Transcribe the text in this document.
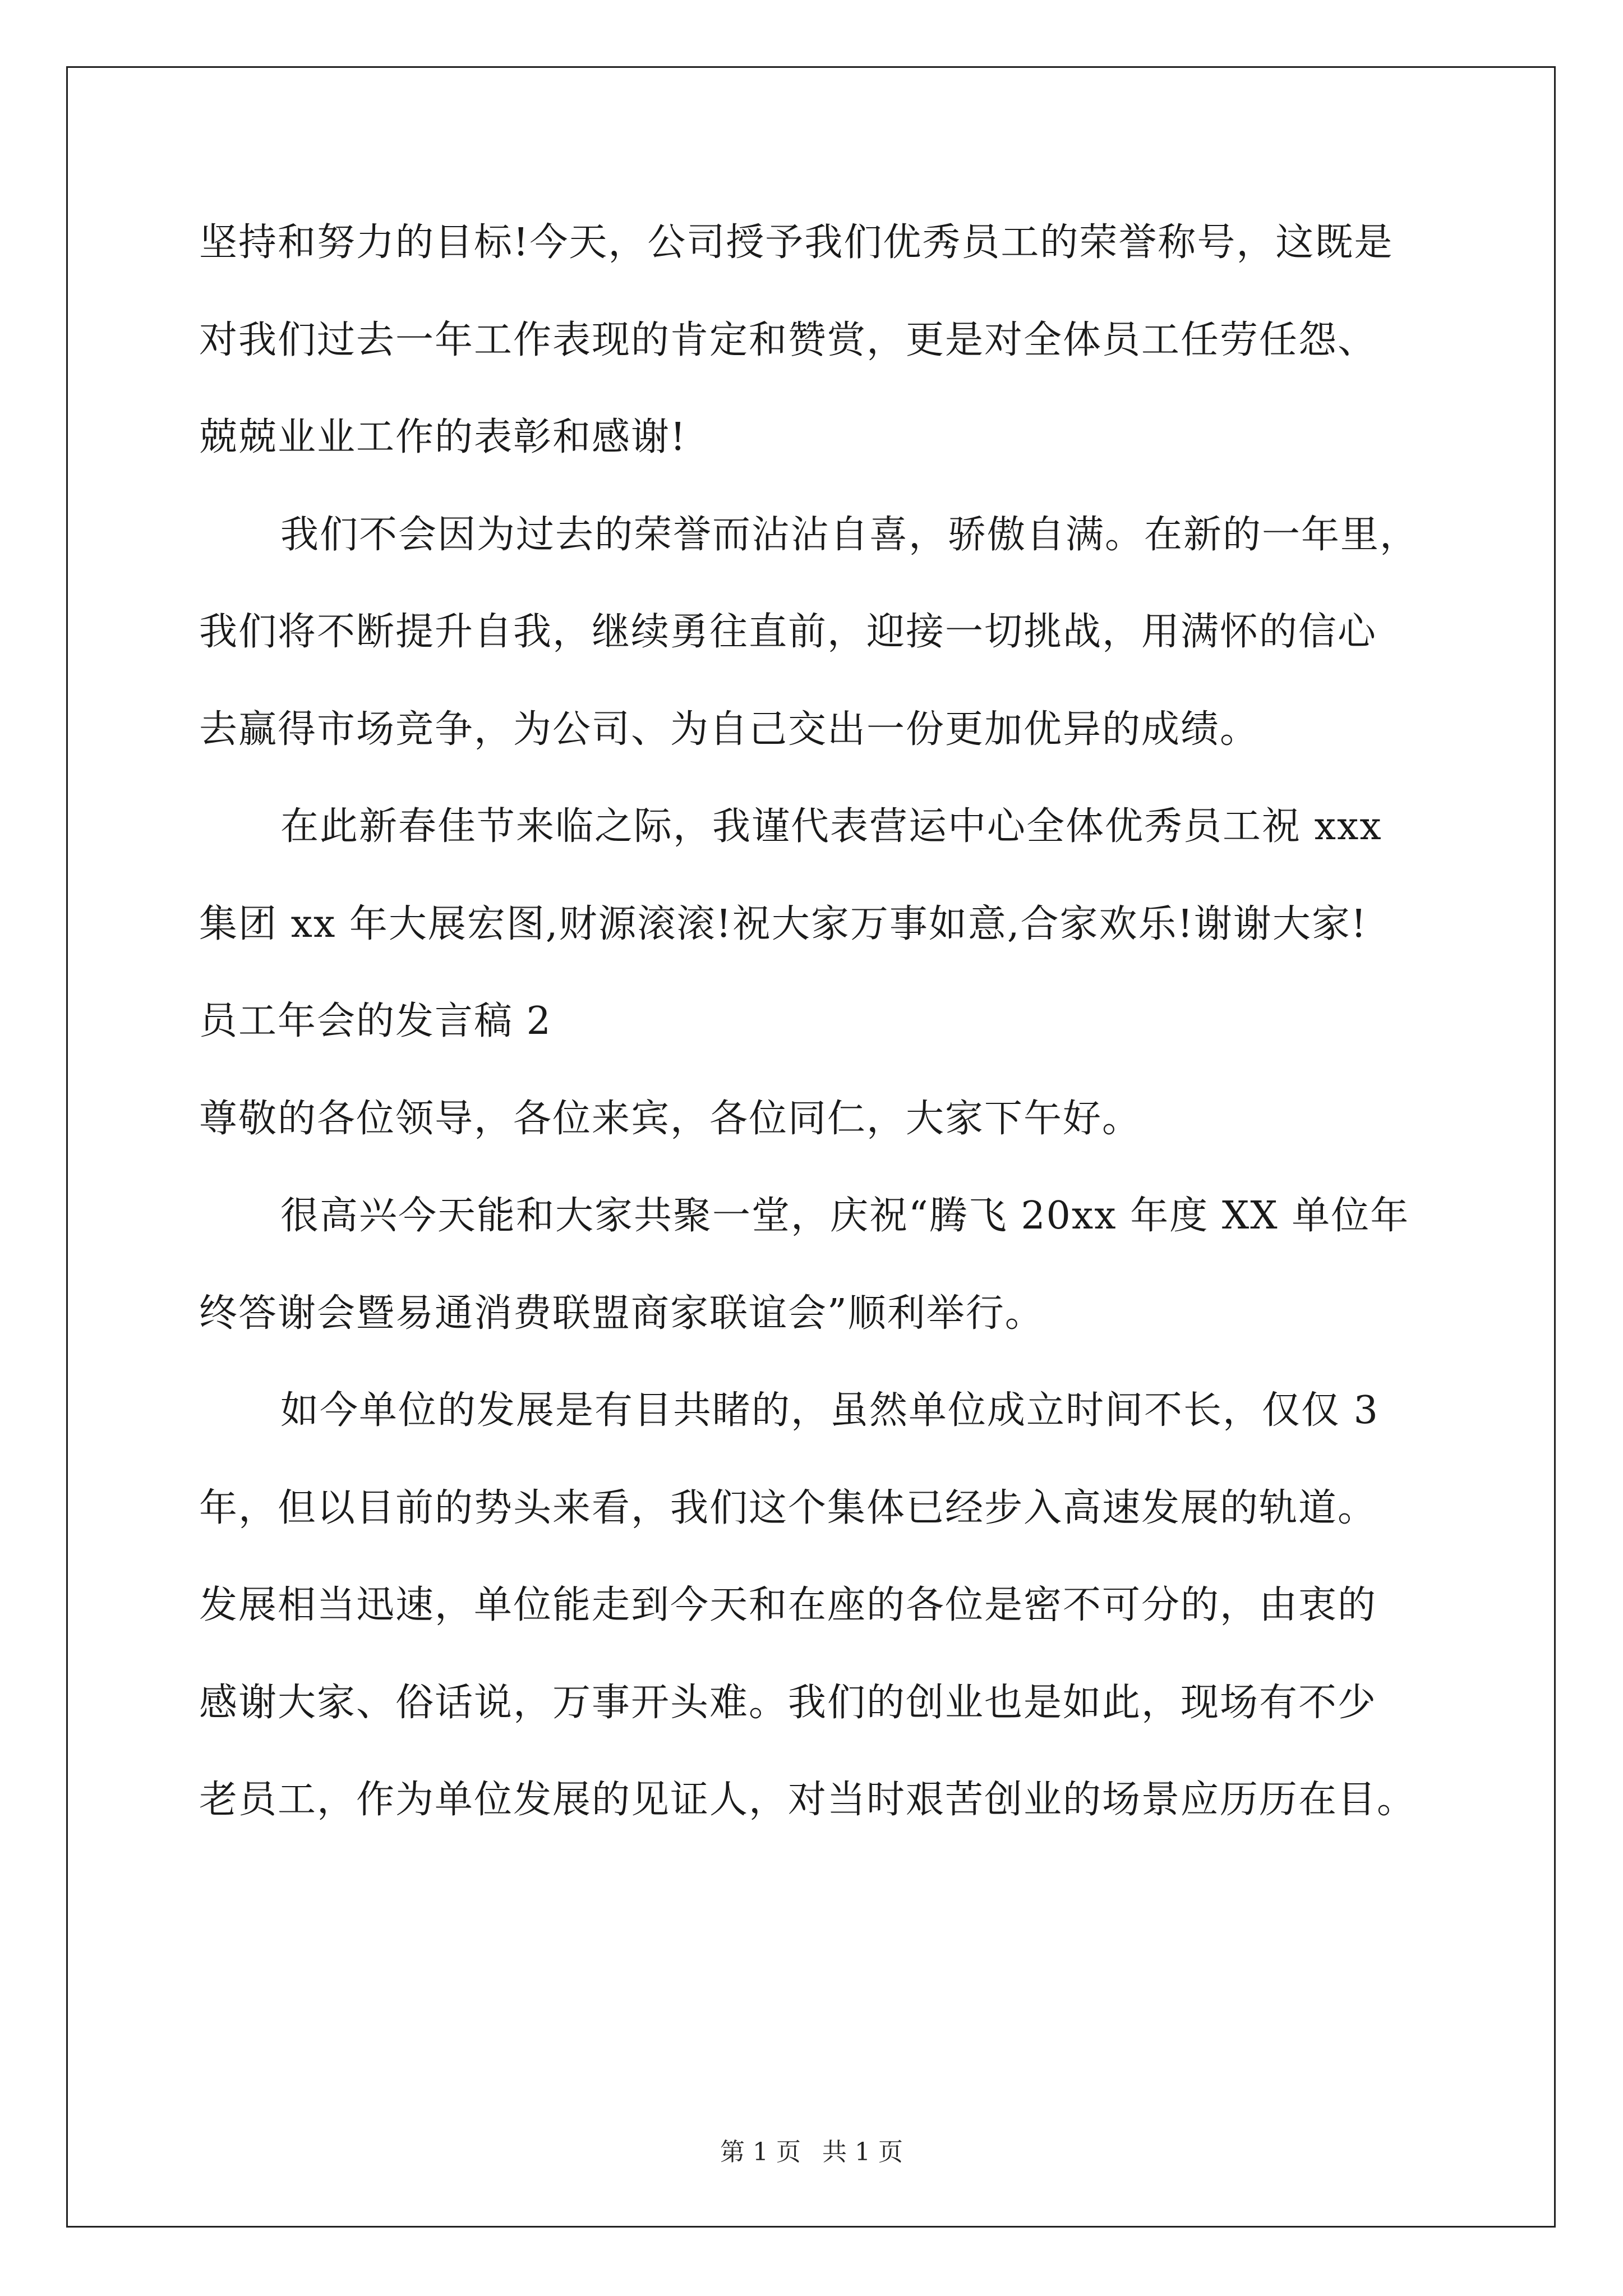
坚持和努力的目标!今天，公司授予我们优秀员工的荣誉称号，这既是
对我们过去一年工作表现的肯定和赞赏，更是对全体员工任劳任怨、
兢兢业业工作的表彰和感谢!
我们不会因为过去的荣誉而沾沾自喜，骄傲自满。在新的一年里，
我们将不断提升自我，继续勇往直前，迎接一切挑战，用满怀的信心
去赢得市场竞争，为公司、为自己交出一份更加优异的成绩。
在此新春佳节来临之际，我谨代表营运中心全体优秀员工祝 xxx
集团 xx 年大展宏图,财源滚滚!祝大家万事如意,合家欢乐!谢谢大家!
员工年会的发言稿 2
尊敬的各位领导，各位来宾，各位同仁，大家下午好。
很高兴今天能和大家共聚一堂，庆祝“腾飞 20xx 年度 XX 单位年
终答谢会暨易通消费联盟商家联谊会”顺利举行。
如今单位的发展是有目共睹的，虽然单位成立时间不长，仅仅 3
年，但以目前的势头来看，我们这个集体已经步入高速发展的轨道。
发展相当迅速，单位能走到今天和在座的各位是密不可分的，由衷的
感谢大家、俗话说，万事开头难。我们的创业也是如此，现场有不少
老员工，作为单位发展的见证人，对当时艰苦创业的场景应历历在目。
第 1 页 共 1 页
